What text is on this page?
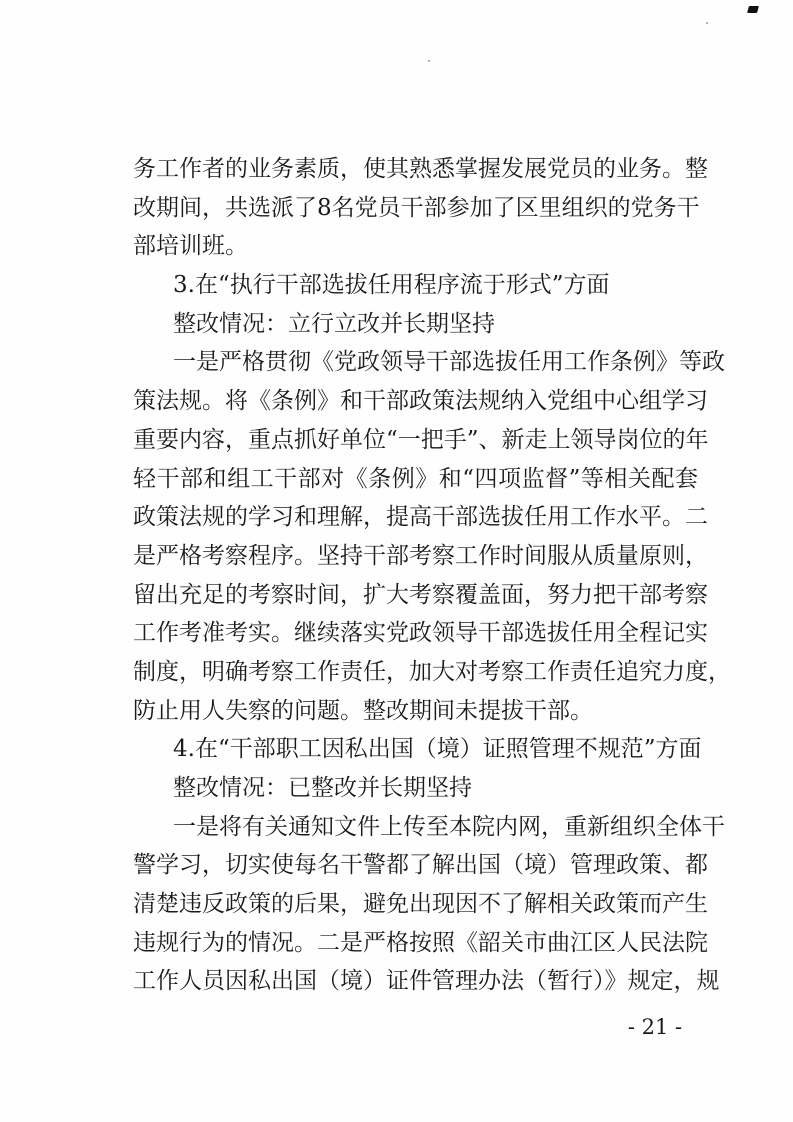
务工作者的业务素质，使其熟悉掌握发展党员的业务。整
改期间，共选派了8名党员干部参加了区里组织的党务干
部培训班。
3.在“执行干部选拔任用程序流于形式”方面
整改情况：立行立改并长期坚持
一是严格贯彻《党政领导干部选拔任用工作条例》等政
策法规。将《条例》和干部政策法规纳入党组中心组学习
重要内容，重点抓好单位“一把手”、新走上领导岗位的年
轻干部和组工干部对《条例》和“四项监督”等相关配套
政策法规的学习和理解，提高干部选拔任用工作水平。二
是严格考察程序。坚持干部考察工作时间服从质量原则，
留出充足的考察时间，扩大考察覆盖面，努力把干部考察
工作考准考实。继续落实党政领导干部选拔任用全程记实
制度，明确考察工作责任，加大对考察工作责任追究力度，
防止用人失察的问题。整改期间未提拔干部。
4.在“干部职工因私出国（境）证照管理不规范”方面
整改情况：已整改并长期坚持
一是将有关通知文件上传至本院内网，重新组织全体干
警学习，切实使每名干警都了解出国（境）管理政策、都
清楚违反政策的后果，避免出现因不了解相关政策而产生
违规行为的情况。二是严格按照《韶关市曲江区人民法院
工作人员因私出国（境）证件管理办法（暂行）》规定，规
- 21 -
